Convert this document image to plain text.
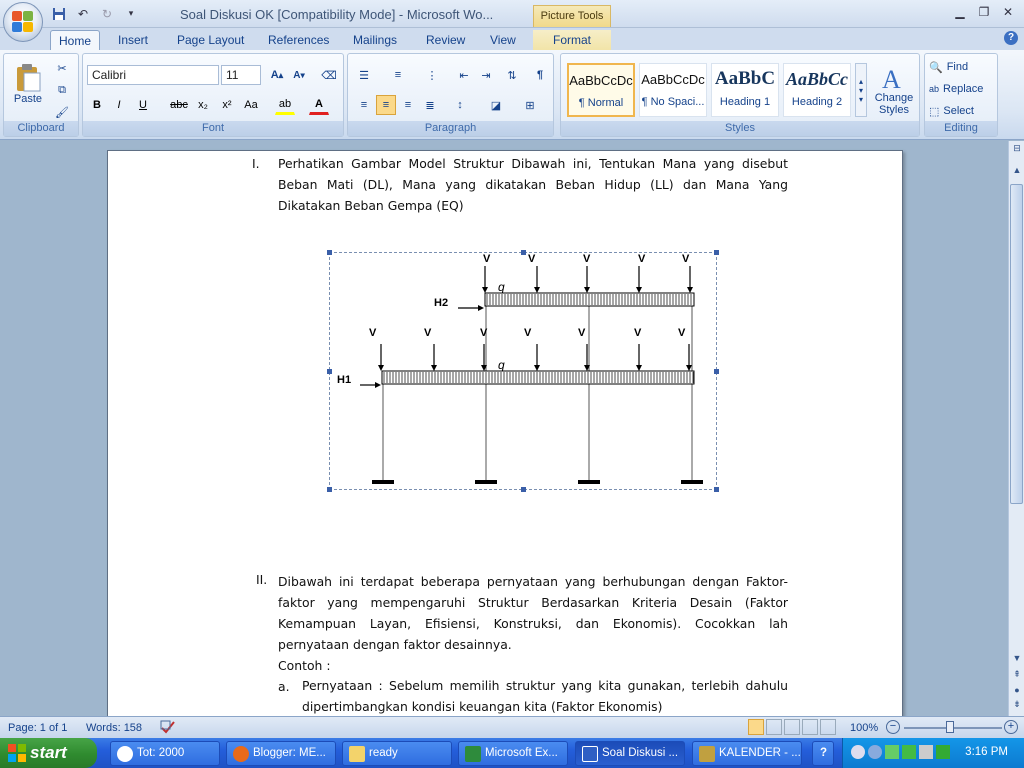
↶	↻	▾	Soal Diskusi OK [Compatibility Mode] - Microsoft Wo...	Picture Tools	▁	❐	✕
Home	Insert	Page Layout	References	Mailings	Review	View	Format	?
Paste
✂
⧉
🖌
Clipboard
Calibri	11	A ▴	A ▾ ⌫
B	I	U	abc x₂	x²	Aa	ab	A
Font
☰	≡	⋮	⇤	⇥	⇅	¶
≡	≡	≡	≣	↕	◪	⊞
Paragraph
AaBbCcDc
¶ Normal
AaBbCcDc
¶ No Spaci...
AaBbC
Heading 1
AaBbCc
Heading 2
▴
▾
▾
A
Change Styles
Styles
🔍 Find
ab Replace
⬚ Select
Editing
I. Perhatikan Gambar Model Struktur Dibawah ini, Tentukan Mana yang disebut Beban Mati (DL), Mana yang dikatakan Beban Hidup (LL) dan Mana Yang Dikatakan Beban Gempa (EQ)
V	V	V	V	V
q
H2
V	V	V	V	V	V	V
q
H1
II. Dibawah ini terdapat beberapa pernyataan yang berhubungan dengan Faktor-faktor yang mempengaruhi Struktur Berdasarkan Kriteria Desain (Faktor Kemampuan Layan, Efisiensi, Konstruksi, dan Ekonomis). Cocokkan lah pernyataan dengan faktor desainnya.
Contoh :
a. Pernyataan : Sebelum memilih struktur yang kita gunakan, terlebih dahulu dipertimbangkan kondisi keuangan kita (Faktor Ekonomis)
⊟
▲
▼
⇞
●
⇟
Page: 1 of 1 Words: 158	100%	−	+
start	Tot: 2000	Blogger: ME...	ready	Microsoft Ex...	Soal Diskusi ...	KALENDER - ...	?	3:16 PM
